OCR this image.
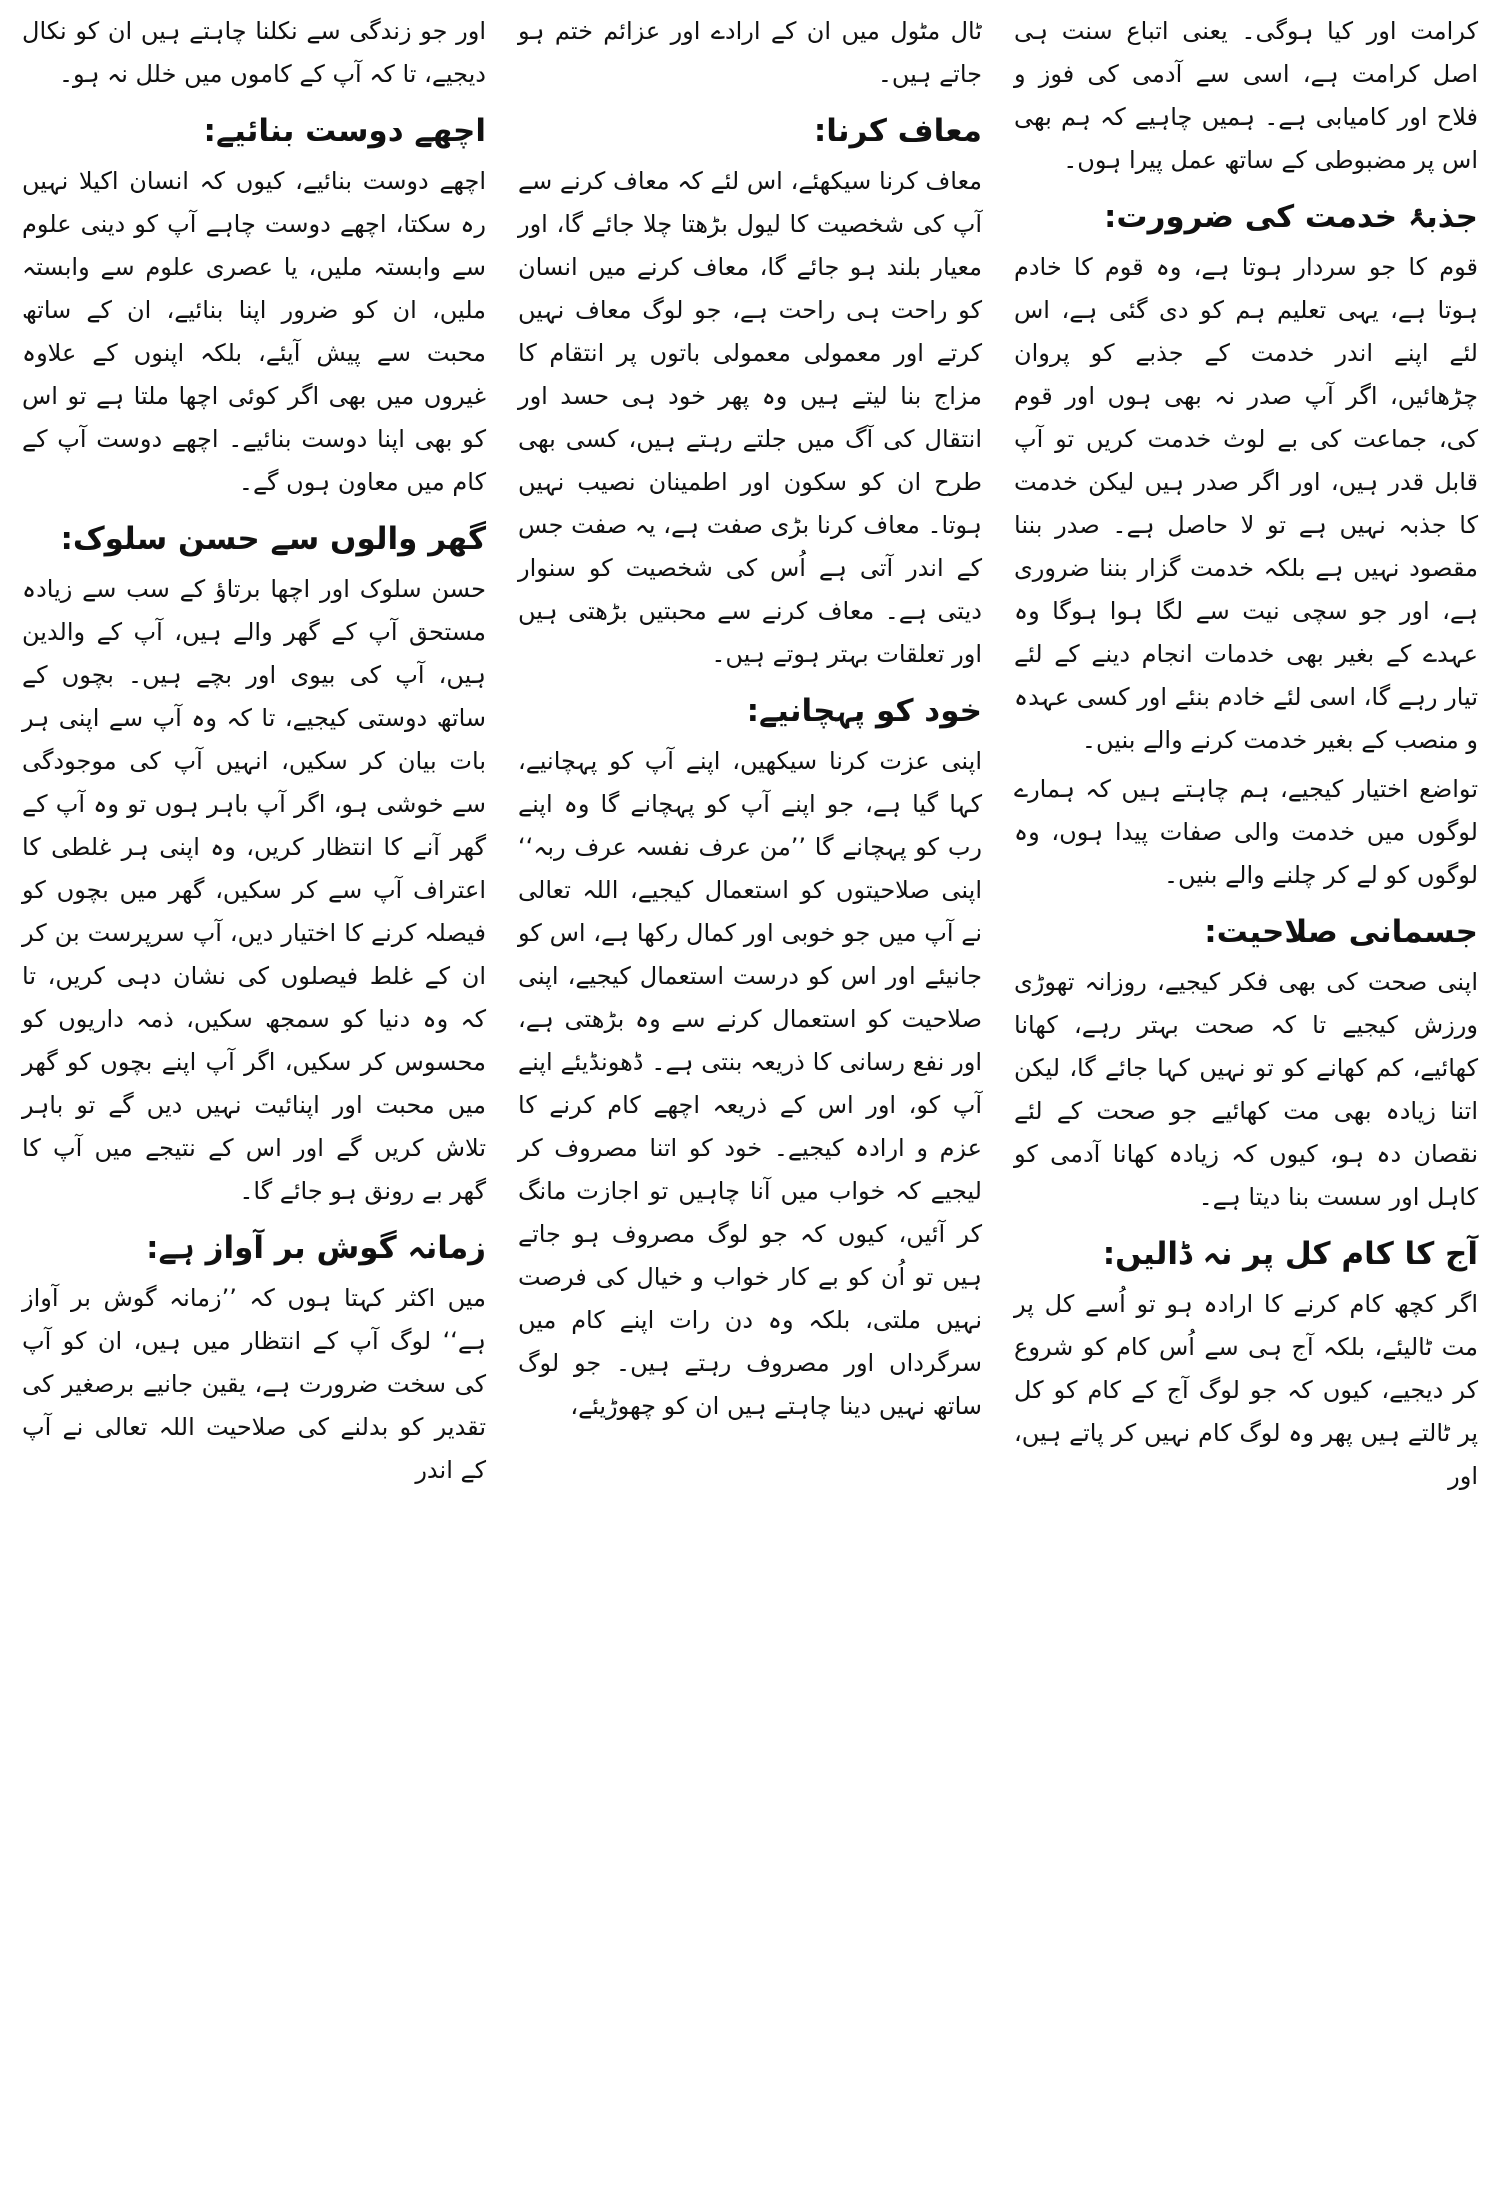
کرامت اور کیا ہوگی۔ یعنی اتباع سنت ہی اصل کرامت ہے، اسی سے آدمی کی فوز و فلاح اور کامیابی ہے۔ ہمیں چاہیے کہ ہم بھی اس پر مضبوطی کے ساتھ عمل پیرا ہوں۔

جذبۂ خدمت کی ضرورت:

قوم کا جو سردار ہوتا ہے، وہ قوم کا خادم ہوتا ہے، یہی تعلیم ہم کو دی گئی ہے، اس لئے اپنے اندر خدمت کے جذبے کو پروان چڑھائیں، اگر آپ صدر نہ بھی ہوں اور قوم کی، جماعت کی بے لوث خدمت کریں تو آپ قابل قدر ہیں، اور اگر صدر ہیں لیکن خدمت کا جذبہ نہیں ہے تو لا حاصل ہے۔ صدر بننا مقصود نہیں ہے بلکہ خدمت گزار بننا ضروری ہے، اور جو سچی نیت سے لگا ہوا ہوگا وہ عہدے کے بغیر بھی خدمات انجام دینے کے لئے تیار رہے گا، اسی لئے خادم بنئے اور کسی عہدہ و منصب کے بغیر خدمت کرنے والے بنیں۔

تواضع اختیار کیجیے، ہم چاہتے ہیں کہ ہمارے لوگوں میں خدمت والی صفات پیدا ہوں، وہ لوگوں کو لے کر چلنے والے بنیں۔

جسمانی صلاحیت:

اپنی صحت کی بھی فکر کیجیے، روزانہ تھوڑی ورزش کیجیے تا کہ صحت بہتر رہے، کھانا کھائیے، کم کھانے کو تو نہیں کہا جائے گا، لیکن اتنا زیادہ بھی مت کھائیے جو صحت کے لئے نقصان دہ ہو، کیوں کہ زیادہ کھانا آدمی کو کاہل اور سست بنا دیتا ہے۔

آج کا کام کل پر نہ ڈالیں:

اگر کچھ کام کرنے کا ارادہ ہو تو اُسے کل پر مت ٹالیئے، بلکہ آج ہی سے اُس کام کو شروع کر دیجیے، کیوں کہ جو لوگ آج کے کام کو کل پر ٹالتے ہیں پھر وہ لوگ کام نہیں کر پاتے ہیں، اور

ٹال مٹول میں ان کے ارادے اور عزائم ختم ہو جاتے ہیں۔

معاف کرنا:

معاف کرنا سیکھئے، اس لئے کہ معاف کرنے سے آپ کی شخصیت کا لیول بڑھتا چلا جائے گا، اور معیار بلند ہو جائے گا، معاف کرنے میں انسان کو راحت ہی راحت ہے، جو لوگ معاف نہیں کرتے اور معمولی معمولی باتوں پر انتقام کا مزاج بنا لیتے ہیں وہ پھر خود ہی حسد اور انتقال کی آگ میں جلتے رہتے ہیں، کسی بھی طرح ان کو سکون اور اطمینان نصیب نہیں ہوتا۔ معاف کرنا بڑی صفت ہے، یہ صفت جس کے اندر آتی ہے اُس کی شخصیت کو سنوار دیتی ہے۔ معاف کرنے سے محبتیں بڑھتی ہیں اور تعلقات بہتر ہوتے ہیں۔

خود کو پہچانیے:

اپنی عزت کرنا سیکھیں، اپنے آپ کو پہچانیے، کہا گیا ہے، جو اپنے آپ کو پہچانے گا وہ اپنے رب کو پہچانے گا ’’من عرف نفسہ عرف ربہ‘‘ اپنی صلاحیتوں کو استعمال کیجیے، اللہ تعالی نے آپ میں جو خوبی اور کمال رکھا ہے، اس کو جانیئے اور اس کو درست استعمال کیجیے، اپنی صلاحیت کو استعمال کرنے سے وہ بڑھتی ہے، اور نفع رسانی کا ذریعہ بنتی ہے۔ ڈھونڈیئے اپنے آپ کو، اور اس کے ذریعہ اچھے کام کرنے کا عزم و ارادہ کیجیے۔ خود کو اتنا مصروف کر لیجیے کہ خواب میں آنا چاہیں تو اجازت مانگ کر آئیں، کیوں کہ جو لوگ مصروف ہو جاتے ہیں تو اُن کو بے کار خواب و خیال کی فرصت نہیں ملتی، بلکہ وہ دن رات اپنے کام میں سرگرداں اور مصروف رہتے ہیں۔ جو لوگ ساتھ نہیں دینا چاہتے ہیں ان کو چھوڑیئے،

اور جو زندگی سے نکلنا چاہتے ہیں ان کو نکال دیجیے، تا کہ آپ کے کاموں میں خلل نہ ہو۔

اچھے دوست بنائیے:

اچھے دوست بنائیے، کیوں کہ انسان اکیلا نہیں رہ سکتا، اچھے دوست چاہے آپ کو دینی علوم سے وابستہ ملیں، یا عصری علوم سے وابستہ ملیں، ان کو ضرور اپنا بنائیے، ان کے ساتھ محبت سے پیش آیئے، بلکہ اپنوں کے علاوہ غیروں میں بھی اگر کوئی اچھا ملتا ہے تو اس کو بھی اپنا دوست بنائیے۔ اچھے دوست آپ کے کام میں معاون ہوں گے۔

گھر والوں سے حسن سلوک:

حسن سلوک اور اچھا برتاؤ کے سب سے زیادہ مستحق آپ کے گھر والے ہیں، آپ کے والدین ہیں، آپ کی بیوی اور بچے ہیں۔ بچوں کے ساتھ دوستی کیجیے، تا کہ وہ آپ سے اپنی ہر بات بیان کر سکیں، انہیں آپ کی موجودگی سے خوشی ہو، اگر آپ باہر ہوں تو وہ آپ کے گھر آنے کا انتظار کریں، وہ اپنی ہر غلطی کا اعتراف آپ سے کر سکیں، گھر میں بچوں کو فیصلہ کرنے کا اختیار دیں، آپ سرپرست بن کر ان کے غلط فیصلوں کی نشان دہی کریں، تا کہ وہ دنیا کو سمجھ سکیں، ذمہ داریوں کو محسوس کر سکیں، اگر آپ اپنے بچوں کو گھر میں محبت اور اپنائیت نہیں دیں گے تو باہر تلاش کریں گے اور اس کے نتیجے میں آپ کا گھر بے رونق ہو جائے گا۔

زمانہ گوش بر آواز ہے:

میں اکثر کہتا ہوں کہ ’’زمانہ گوش بر آواز ہے‘‘ لوگ آپ کے انتظار میں ہیں، ان کو آپ کی سخت ضرورت ہے، یقین جانیے برصغیر کی تقدیر کو بدلنے کی صلاحیت اللہ تعالی نے آپ کے اندر
